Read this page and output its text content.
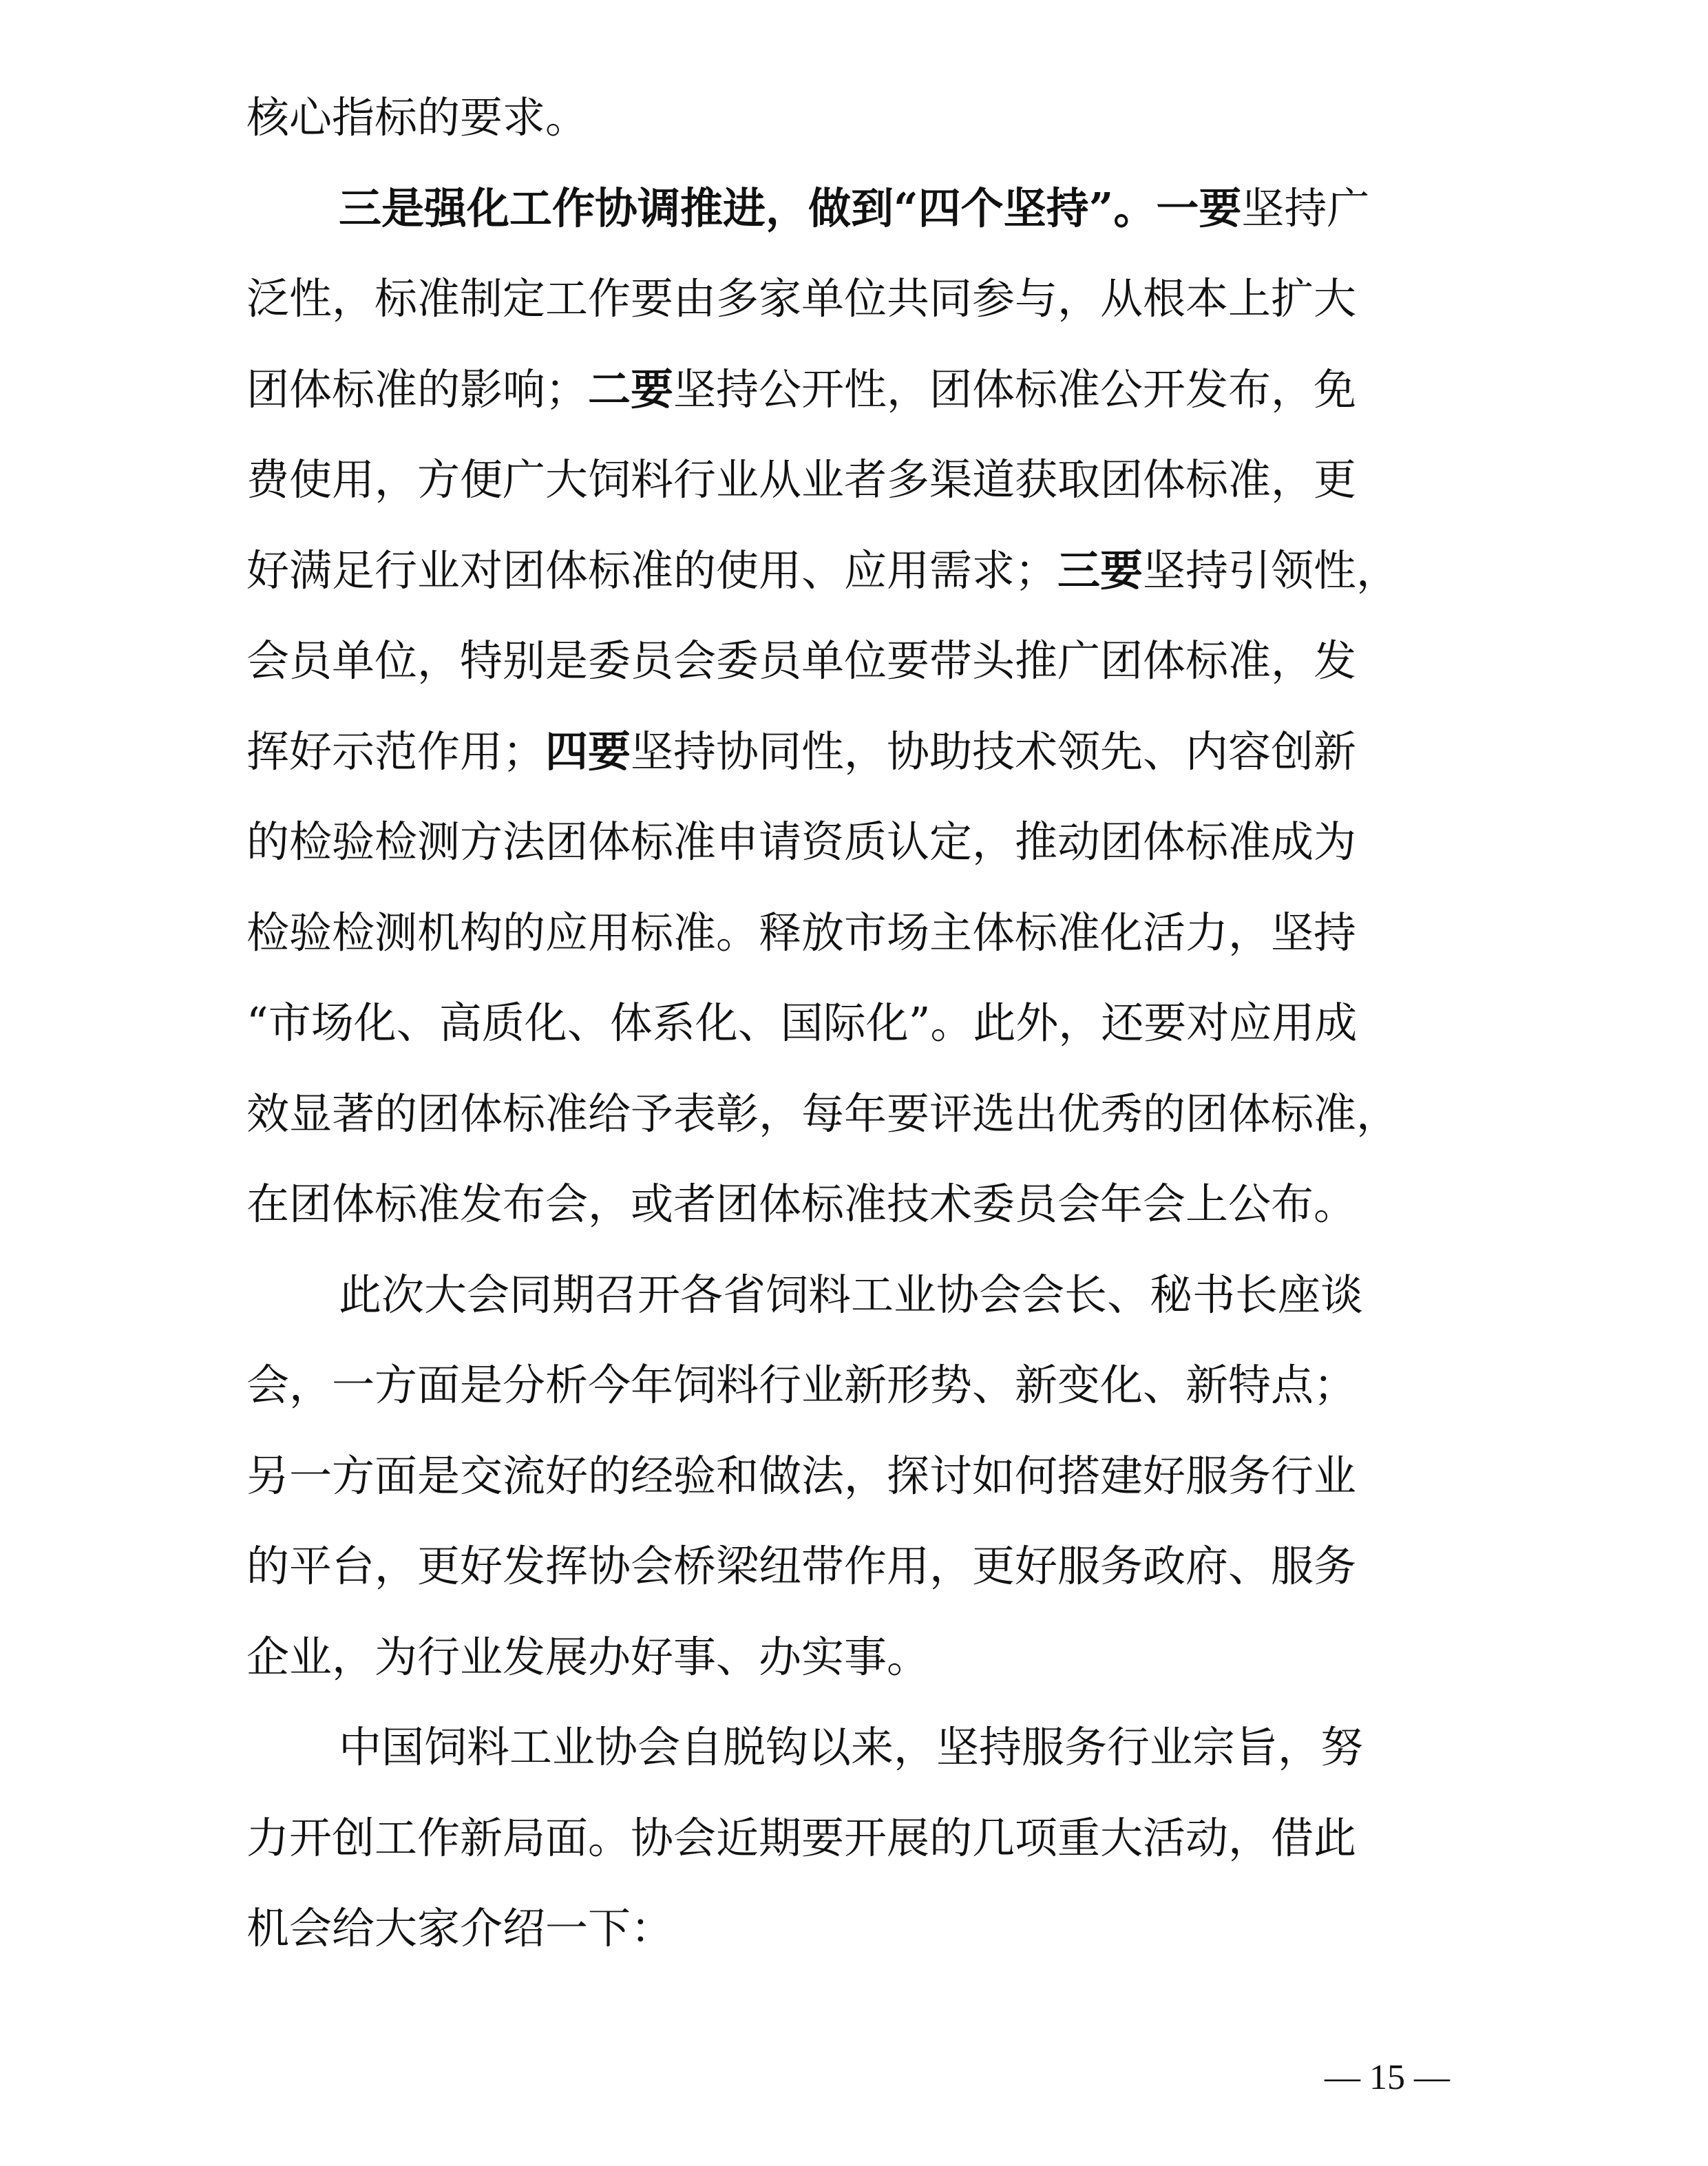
核心指标的要求。
三是强化工作协调推进，做到“四个坚持”。一要坚持广
泛性，标准制定工作要由多家单位共同参与，从根本上扩大
团体标准的影响；二要坚持公开性，团体标准公开发布，免
费使用，方便广大饲料行业从业者多渠道获取团体标准，更
好满足行业对团体标准的使用、应用需求；三要坚持引领性，
会员单位，特别是委员会委员单位要带头推广团体标准，发
挥好示范作用；四要坚持协同性，协助技术领先、内容创新
的检验检测方法团体标准申请资质认定，推动团体标准成为
检验检测机构的应用标准。释放市场主体标准化活力，坚持
“市场化、高质化、体系化、国际化”。此外，还要对应用成
效显著的团体标准给予表彰，每年要评选出优秀的团体标准，
在团体标准发布会，或者团体标准技术委员会年会上公布。
此次大会同期召开各省饲料工业协会会长、秘书长座谈
会，一方面是分析今年饲料行业新形势、新变化、新特点；
另一方面是交流好的经验和做法，探讨如何搭建好服务行业
的平台，更好发挥协会桥梁纽带作用，更好服务政府、服务
企业，为行业发展办好事、办实事。
中国饲料工业协会自脱钩以来，坚持服务行业宗旨，努
力开创工作新局面。协会近期要开展的几项重大活动，借此
机会给大家介绍一下：
— 15 —
